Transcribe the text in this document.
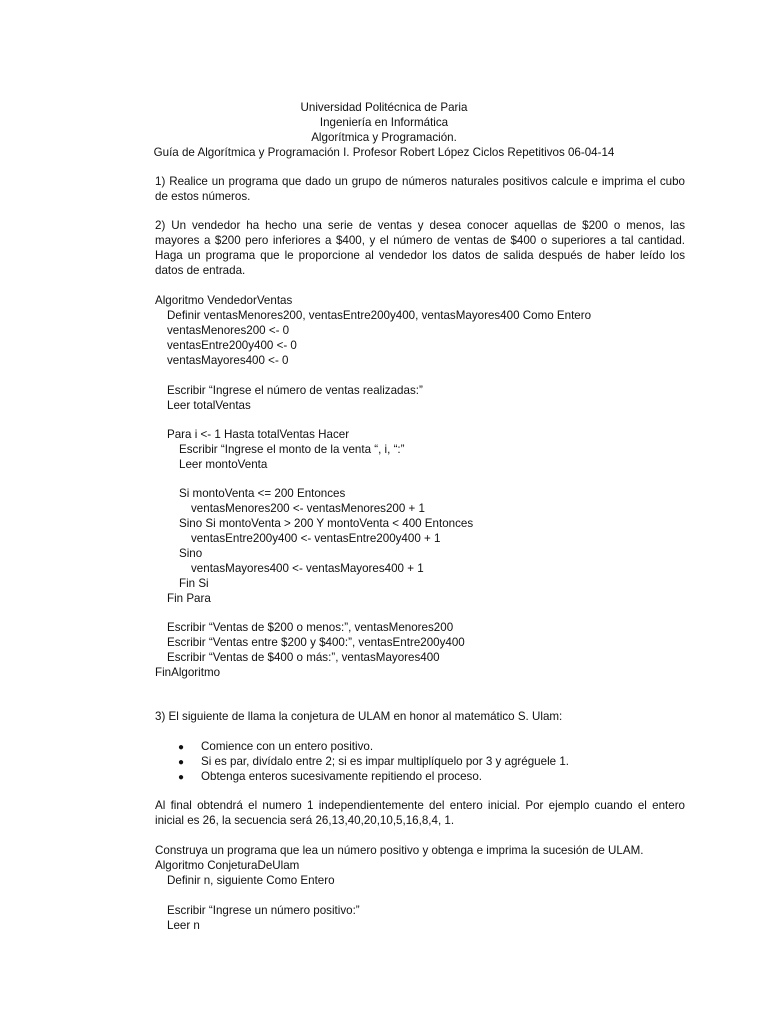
Universidad Politécnica de Paria
Ingeniería en Informática
Algorítmica y Programación.
Guía de Algorítmica y Programación I. Profesor Robert López Ciclos Repetitivos 06-04-14
1) Realice un programa que dado un grupo de números naturales positivos calcule e imprima el cubo de estos números.
2) Un vendedor ha hecho una serie de ventas y desea conocer aquellas de $200 o menos, las mayores a $200 pero inferiores a $400, y el número de ventas de $400 o superiores a tal cantidad. Haga un programa que le proporcione al vendedor los datos de salida después de haber leído los datos de entrada.
Algoritmo VendedorVentas
Definir ventasMenores200, ventasEntre200y400, ventasMayores400 Como Entero
ventasMenores200 <- 0
ventasEntre200y400 <- 0
ventasMayores400 <- 0
Escribir “Ingrese el número de ventas realizadas:”
Leer totalVentas
Para i <- 1 Hasta totalVentas Hacer
Escribir “Ingrese el monto de la venta “, i, “:”
Leer montoVenta
Si montoVenta <= 200 Entonces
ventasMenores200 <- ventasMenores200 + 1
Sino Si montoVenta > 200 Y montoVenta < 400 Entonces
ventasEntre200y400 <- ventasEntre200y400 + 1
Sino
ventasMayores400 <- ventasMayores400 + 1
Fin Si
Fin Para
Escribir “Ventas de $200 o menos:”, ventasMenores200
Escribir “Ventas entre $200 y $400:”, ventasEntre200y400
Escribir “Ventas de $400 o más:”, ventasMayores400
FinAlgoritmo
3) El siguiente de llama la conjetura de ULAM en honor al matemático S. Ulam:
● Comience con un entero positivo.
● Si es par, divídalo entre 2; si es impar multiplíquelo por 3 y agréguele 1.
● Obtenga enteros sucesivamente repitiendo el proceso.
Al final obtendrá el numero 1 independientemente del entero inicial. Por ejemplo cuando el entero inicial es 26, la secuencia será 26,13,40,20,10,5,16,8,4, 1.
Construya un programa que lea un número positivo y obtenga e imprima la sucesión de ULAM.
Algoritmo ConjeturaDeUlam
Definir n, siguiente Como Entero
Escribir “Ingrese un número positivo:”
Leer n
